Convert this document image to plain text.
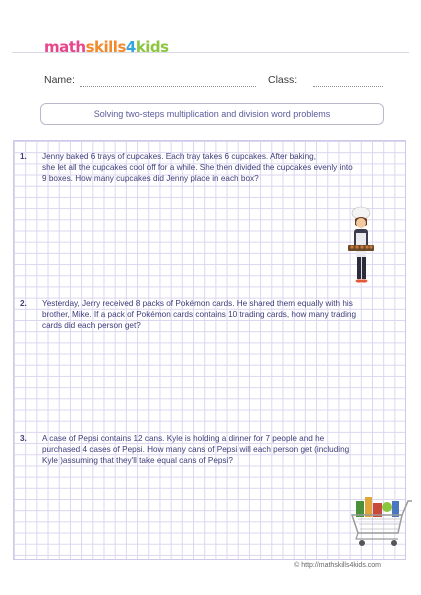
mathskills4kids
Name:	Class:
Solving two-steps multiplication and division word problems
1. Jenny baked 6 trays of cupcakes. Each tray takes 6 cupcakes. After baking,
she let all the cupcakes cool off for a while. She then divided the cupcakes evenly into
9 boxes. How many cupcakes did Jenny place in each box?
2. Yesterday, Jerry received 8 packs of Pokémon cards. He shared them equally with his
brother, Mike. If a pack of Pokémon cards contains 10 trading cards, how many trading
cards did each person get?
3. A case of Pepsi contains 12 cans. Kyle is holding a dinner for 7 people and he
purchased 4 cases of Pepsi. How many cans of Pepsi will each person get (including
Kyle )assuming that they'll take equal cans of Pepsi?
© http://mathskills4kids.com
